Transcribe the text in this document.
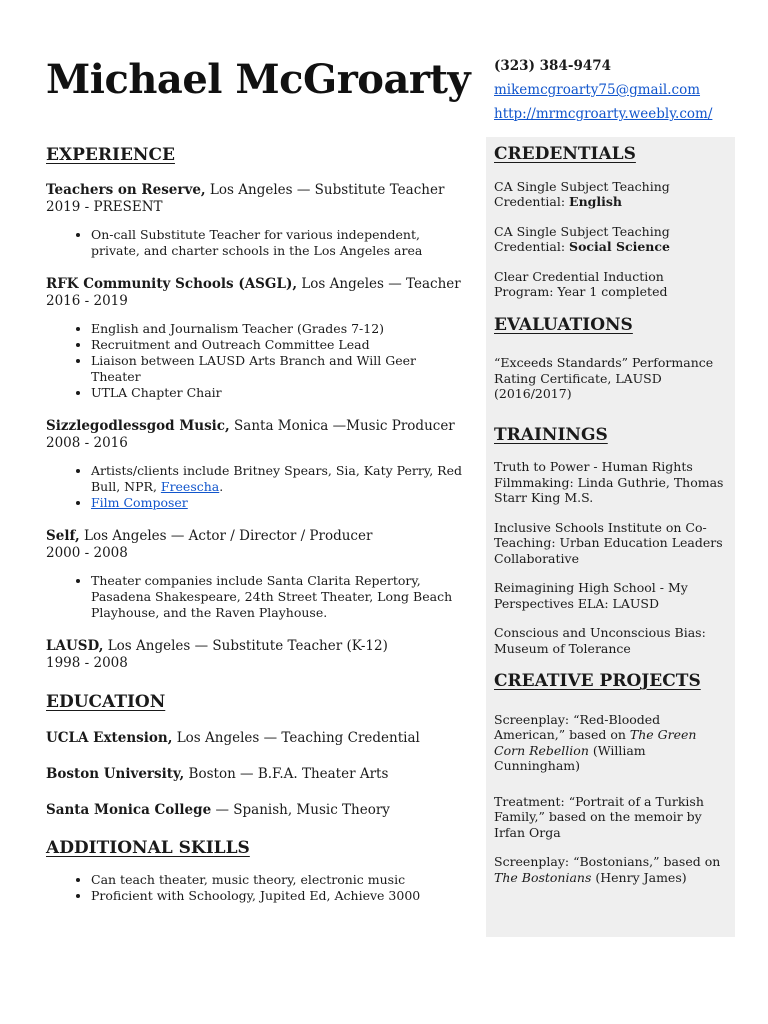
Michael McGroarty (323) 384-9474
mikemcgroarty75@gmail.com
http://mrmcgroarty.weebly.com/
EXPERIENCE
Teachers on Reserve, Los Angeles — Substitute Teacher
2019 - PRESENT
• On-call Substitute Teacher for various independent, private, and charter schools in the Los Angeles area
RFK Community Schools (ASGL), Los Angeles — Teacher
2016 - 2019
• English and Journalism Teacher (Grades 7-12)
• Recruitment and Outreach Committee Lead
• Liaison between LAUSD Arts Branch and Will Geer Theater
• UTLA Chapter Chair
Sizzlegodlessgod Music, Santa Monica —Music Producer
2008 - 2016
• Artists/clients include Britney Spears, Sia, Katy Perry, Red Bull, NPR, Freescha.
• Film Composer
Self, Los Angeles — Actor / Director / Producer
2000 - 2008
• Theater companies include Santa Clarita Repertory, Pasadena Shakespeare, 24th Street Theater, Long Beach Playhouse, and the Raven Playhouse.
LAUSD, Los Angeles — Substitute Teacher (K-12)
1998 - 2008
EDUCATION
UCLA Extension, Los Angeles — Teaching Credential
Boston University, Boston — B.F.A. Theater Arts
Santa Monica College — Spanish, Music Theory
ADDITIONAL SKILLS
• Can teach theater, music theory, electronic music
• Proficient with Schoology, Jupited Ed, Achieve 3000
CREDENTIALS
CA Single Subject Teaching Credential: English
CA Single Subject Teaching Credential: Social Science
Clear Credential Induction Program: Year 1 completed
EVALUATIONS
“Exceeds Standards” Performance Rating Certificate, LAUSD (2016/2017)
TRAININGS
Truth to Power - Human Rights Filmmaking: Linda Guthrie, Thomas Starr King M.S.
Inclusive Schools Institute on Co-Teaching: Urban Education Leaders Collaborative
Reimagining High School - My Perspectives ELA: LAUSD
Conscious and Unconscious Bias: Museum of Tolerance
CREATIVE PROJECTS
Screenplay: “Red-Blooded American,” based on The Green Corn Rebellion (William Cunningham)
Treatment: “Portrait of a Turkish Family,” based on the memoir by Irfan Orga
Screenplay: “Bostonians,” based on The Bostonians (Henry James)
